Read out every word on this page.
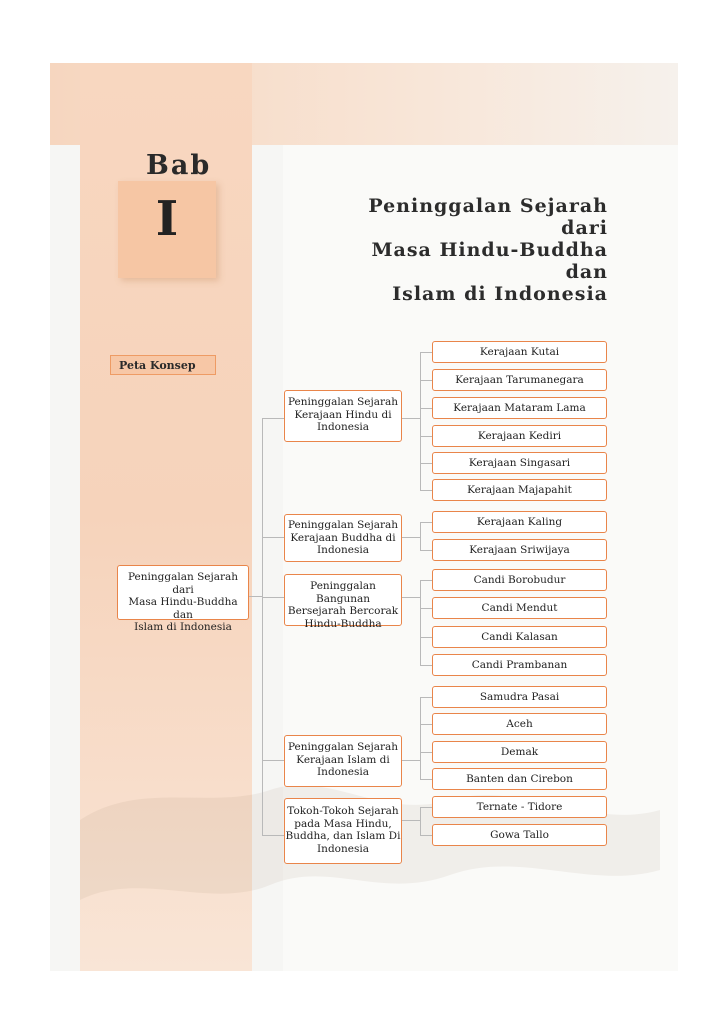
Bab
I	Peninggalan Sejarah dari
Masa Hindu-Buddha dan
Islam di Indonesia
Peta Konsep
Peninggalan Sejarah dari
Masa Hindu-Buddha dan
Islam di Indonesia
Peninggalan Sejarah
Kerajaan Hindu di
Indonesia
Peninggalan Sejarah
Kerajaan Buddha di
Indonesia
Peninggalan Bangunan
Bersejarah Bercorak
Hindu-Buddha
Peninggalan Sejarah
Kerajaan Islam di
Indonesia
Tokoh-Tokoh Sejarah
pada Masa Hindu,
Buddha, dan Islam Di
Indonesia
Kerajaan Kutai
Kerajaan Tarumanegara
Kerajaan Mataram Lama
Kerajaan Kediri
Kerajaan Singasari
Kerajaan Majapahit
Kerajaan Kaling
Kerajaan Sriwijaya
Candi Borobudur
Candi Mendut
Candi Kalasan
Candi Prambanan
Samudra Pasai
Aceh
Demak
Banten dan Cirebon
Ternate - Tidore
Gowa Tallo
